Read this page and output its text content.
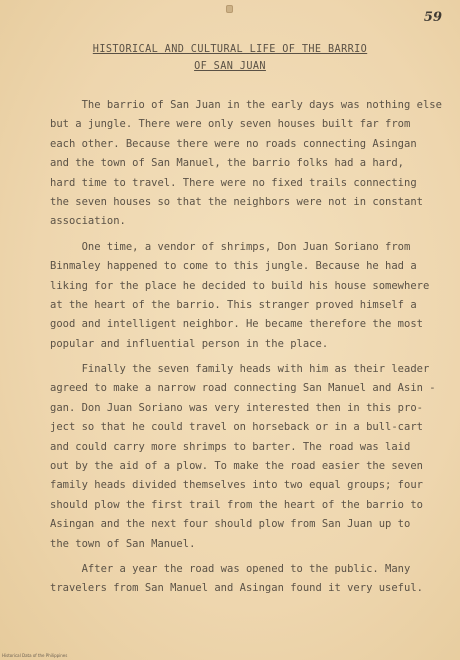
59
HISTORICAL AND CULTURAL LIFE OF THE BARRIO
OF SAN JUAN
The barrio of San Juan in the early days was nothing else
but a jungle. There were only seven houses built far from
each other. Because there were no roads connecting Asingan
and the town of San Manuel, the barrio folks had a hard,
hard time to travel. There were no fixed trails connecting
the seven houses so that the neighbors were not in constant
association.
One time, a vendor of shrimps, Don Juan Soriano from
Binmaley happened to come to this jungle. Because he had a
liking for the place he decided to build his house somewhere
at the heart of the barrio. This stranger proved himself a
good and intelligent neighbor. He became therefore the most
popular and influential person in the place.
Finally the seven family heads with him as their leader
agreed to make a narrow road connecting San Manuel and Asin -
gan. Don Juan Soriano was very interested then in this pro-
ject so that he could travel on horseback or in a bull-cart
and could carry more shrimps to barter. The road was laid
out by the aid of a plow. To make the road easier the seven
family heads divided themselves into two equal groups; four
should plow the first trail from the heart of the barrio to
Asingan and the next four should plow from San Juan up to
the town of San Manuel.
After a year the road was opened to the public. Many
travelers from San Manuel and Asingan found it very useful.
Historical Data of the Philippines
